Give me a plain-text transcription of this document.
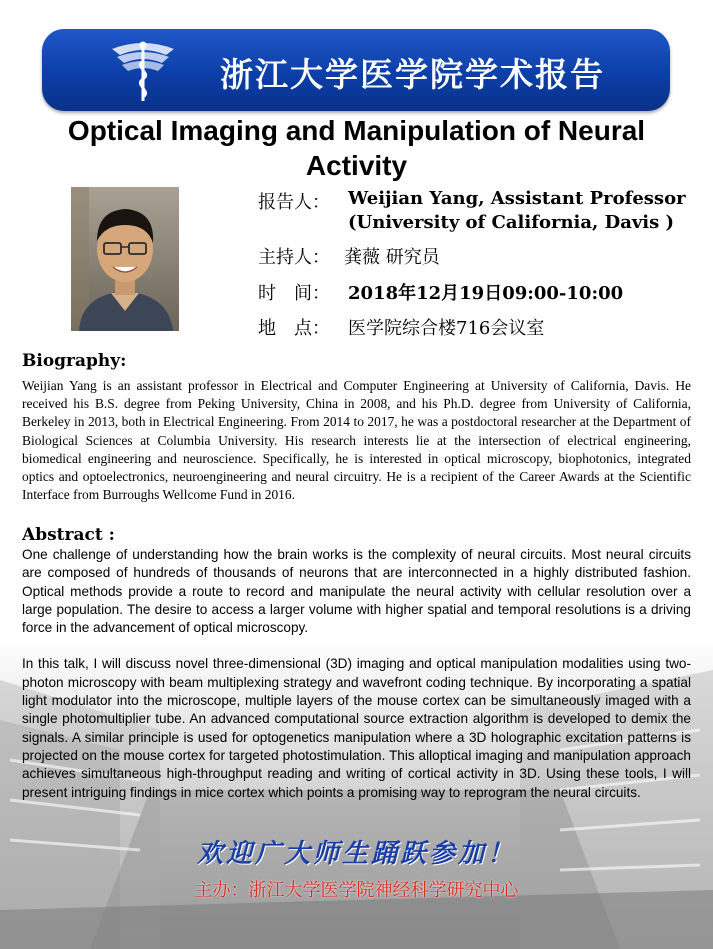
浙江大学医学院学术报告
Optical Imaging and Manipulation of Neural Activity
报告人： Weijian Yang, Assistant Professor
(University of California, Davis )
主持人： 龚薇 研究员
时　间： 2018年12月19日09:00-10:00
地　点： 医学院综合楼716会议室
Biography:
Weijian Yang is an assistant professor in Electrical and Computer Engineering at University of California, Davis. He received his B.S. degree from Peking University, China in 2008, and his Ph.D. degree from University of California, Berkeley in 2013, both in Electrical Engineering. From 2014 to 2017, he was a postdoctoral researcher at the Department of Biological Sciences at Columbia University. His research interests lie at the intersection of electrical engineering, biomedical engineering and neuroscience. Specifically, he is interested in optical microscopy, biophotonics, integrated optics and optoelectronics, neuroengineering and neural circuitry. He is a recipient of the Career Awards at the Scientific Interface from Burroughs Wellcome Fund in 2016.
Abstract :

One challenge of understanding how the brain works is the complexity of neural circuits. Most neural circuits are composed of hundreds of thousands of neurons that are interconnected in a highly distributed fashion. Optical methods provide a route to record and manipulate the neural activity with cellular resolution over a large population. The desire to access a larger volume with higher spatial and temporal resolutions is a driving force in the advancement of optical microscopy.

In this talk, I will discuss novel three-dimensional (3D) imaging and optical manipulation modalities using two-photon microscopy with beam multiplexing strategy and wavefront coding technique. By incorporating a spatial light modulator into the microscope, multiple layers of the mouse cortex can be simultaneously imaged with a single photomultiplier tube. An advanced computational source extraction algorithm is developed to demix the signals. A similar principle is used for optogenetics manipulation where a 3D holographic excitation patterns is projected on the mouse cortex for targeted photostimulation. This alloptical imaging and manipulation approach achieves simultaneous high-throughput reading and writing of cortical activity in 3D. Using these tools, I will present intriguing findings in mice cortex which points a promising way to reprogram the neural circuits.

欢迎广大师生踊跃参加！
主办：浙江大学医学院神经科学研究中心
